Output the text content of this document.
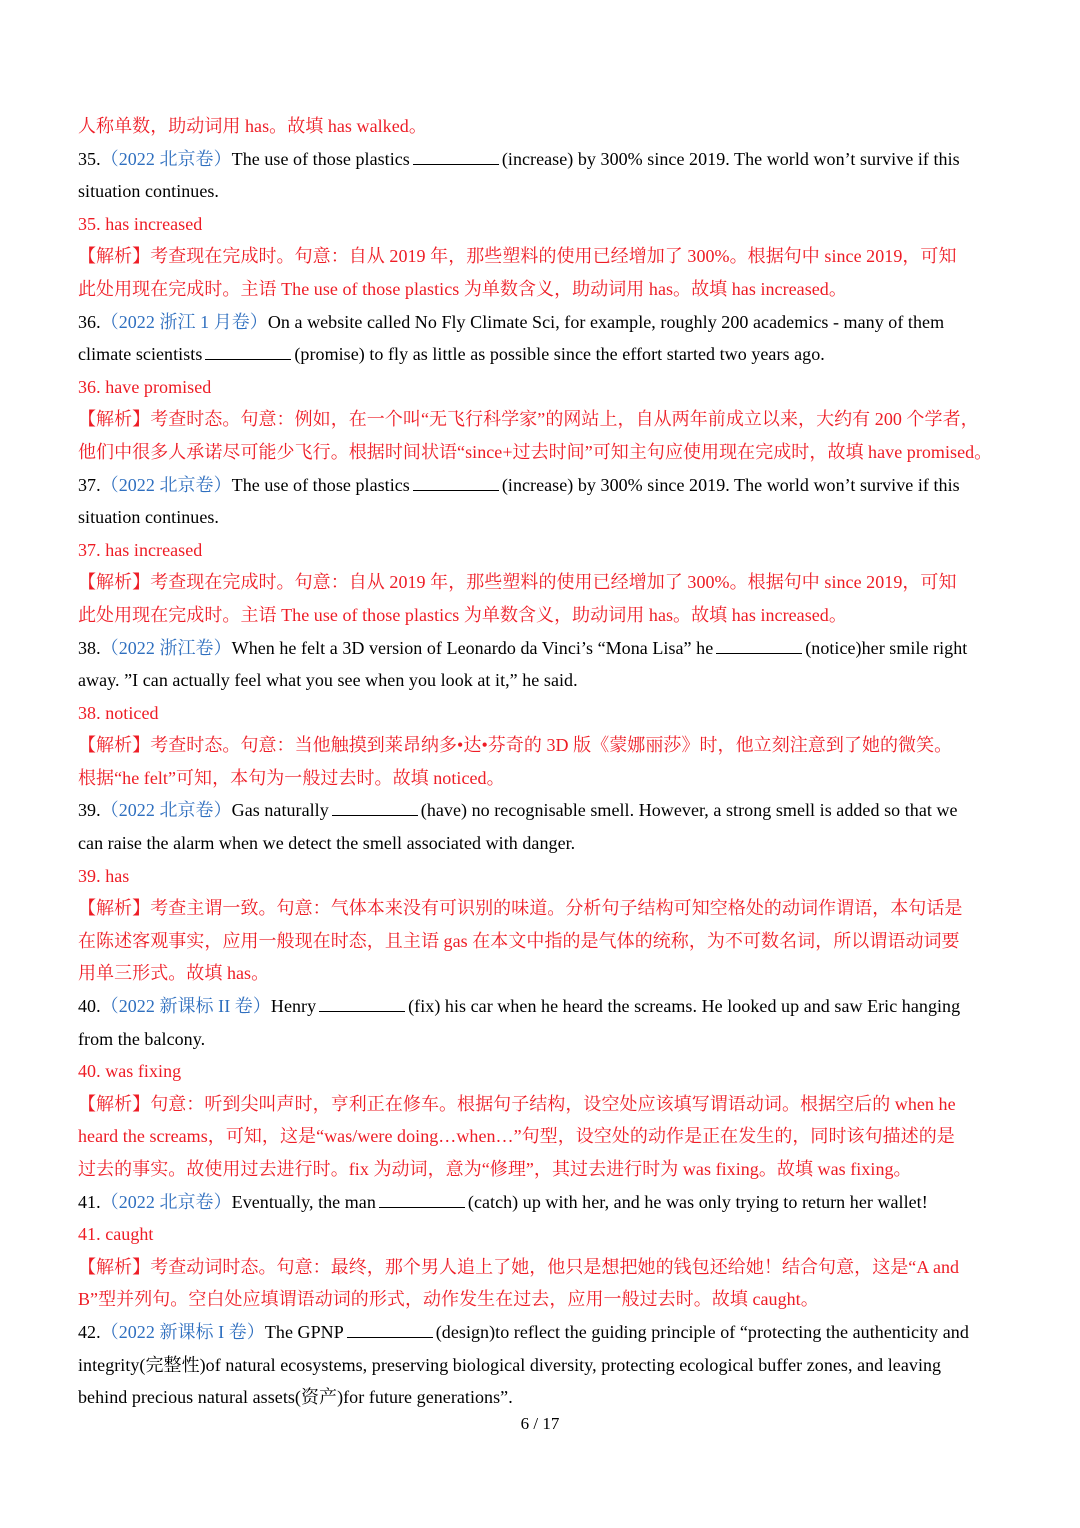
人称单数，助动词用 has。故填 has walked。
35.（2022 北京卷）The use of those plastics	(increase) by 300% since 2019. The world won’t survive if this
situation continues.
35. has increased
【解析】考查现在完成时。句意：自从 2019 年，那些塑料的使用已经增加了 300%。根据句中 since 2019，可知
此处用现在完成时。主语 The use of those plastics 为单数含义，助动词用 has。故填 has increased。
36.（2022 浙江 1 月卷）On a website called No Fly Climate Sci, for example, roughly 200 academics - many of them
climate scientists	(promise) to fly as little as possible since the effort started two years ago.
36. have promised
【解析】考查时态。句意：例如，在一个叫“无飞行科学家”的网站上，自从两年前成立以来，大约有 200 个学者，
他们中很多人承诺尽可能少飞行。根据时间状语“since+过去时间”可知主句应使用现在完成时，故填 have promised。
37.（2022 北京卷）The use of those plastics	(increase) by 300% since 2019. The world won’t survive if this
situation continues.
37. has increased
【解析】考查现在完成时。句意：自从 2019 年，那些塑料的使用已经增加了 300%。根据句中 since 2019，可知
此处用现在完成时。主语 The use of those plastics 为单数含义，助动词用 has。故填 has increased。
38.（2022 浙江卷）When he felt a 3D version of Leonardo da Vinci’s “Mona Lisa” he	(notice)her smile right
away. ”I can actually feel what you see when you look at it,” he said.
38. noticed
【解析】考查时态。句意：当他触摸到莱昂纳多•达•芬奇的 3D 版《蒙娜丽莎》时，他立刻注意到了她的微笑。
根据“he felt”可知，本句为一般过去时。故填 noticed。
39.（2022 北京卷）Gas naturally	(have) no recognisable smell. However, a strong smell is added so that we
can raise the alarm when we detect the smell associated with danger.
39. has
【解析】考查主谓一致。句意：气体本来没有可识别的味道。分析句子结构可知空格处的动词作谓语，本句话是
在陈述客观事实，应用一般现在时态，且主语 gas 在本文中指的是气体的统称，为不可数名词，所以谓语动词要
用单三形式。故填 has。
40.（2022 新课标 II 卷）Henry	(fix) his car when he heard the screams. He looked up and saw Eric hanging
from the balcony.
40. was fixing
【解析】句意：听到尖叫声时，亨利正在修车。根据句子结构，设空处应该填写谓语动词。根据空后的 when he
heard the screams，可知，这是“was/were doing…when…”句型，设空处的动作是正在发生的，同时该句描述的是
过去的事实。故使用过去进行时。fix 为动词，意为“修理”，其过去进行时为 was fixing。故填 was fixing。
41.（2022 北京卷）Eventually, the man	(catch) up with her, and he was only trying to return her wallet!
41. caught
【解析】考查动词时态。句意：最终，那个男人追上了她，他只是想把她的钱包还给她！结合句意，这是“A and
B”型并列句。空白处应填谓语动词的形式，动作发生在过去，应用一般过去时。故填 caught。
42.（2022 新课标 I 卷）The GPNP	(design)to reflect the guiding principle of “protecting the authenticity and
integrity(完整性)of natural ecosystems, preserving biological diversity, protecting ecological buffer zones, and leaving
behind precious natural assets(资产)for future generations”.
6 / 17
